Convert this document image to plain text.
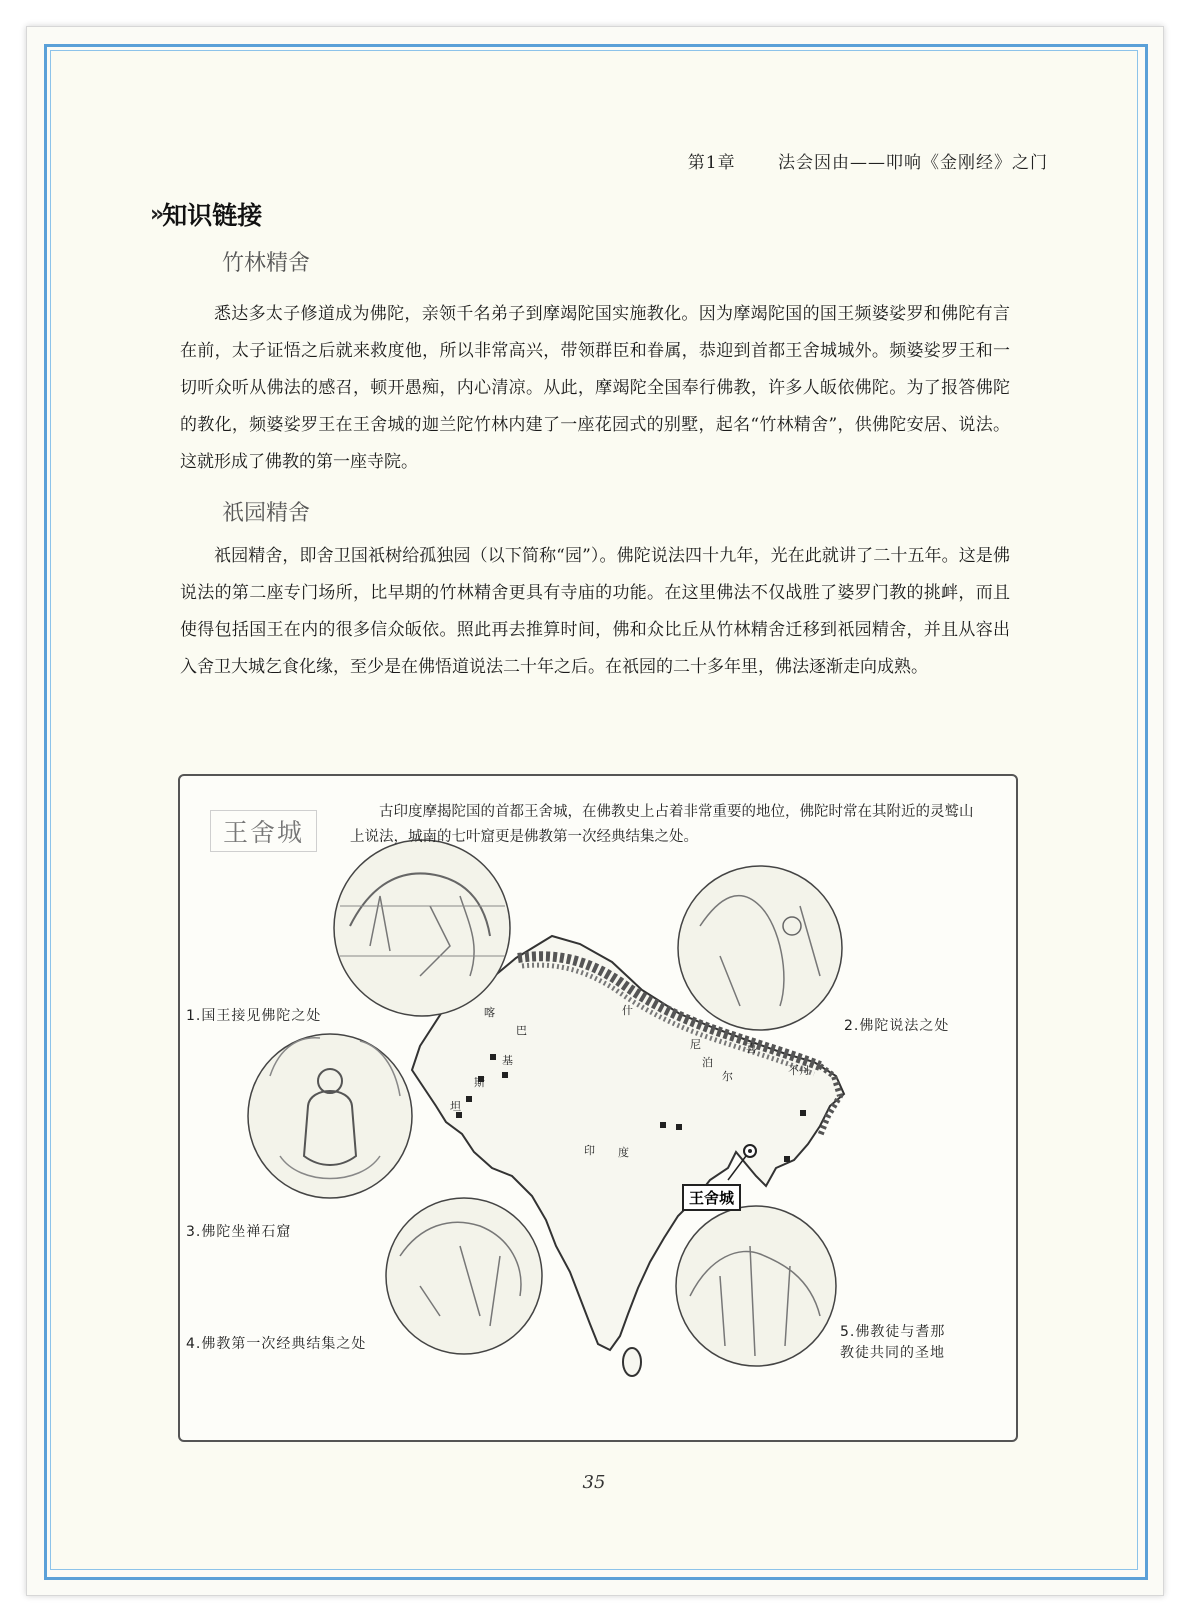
第1章 法会因由——叩响《金刚经》之门
» 知识链接
竹林精舍

悉达多太子修道成为佛陀，亲领千名弟子到摩竭陀国实施教化。因为摩竭陀国的国王频婆娑罗和佛陀有言在前，太子证悟之后就来救度他，所以非常高兴，带领群臣和眷属，恭迎到首都王舍城城外。频婆娑罗王和一切听众听从佛法的感召，顿开愚痴，内心清凉。从此，摩竭陀全国奉行佛教，许多人皈依佛陀。为了报答佛陀的教化，频婆娑罗王在王舍城的迦兰陀竹林内建了一座花园式的别墅，起名“竹林精舍”，供佛陀安居、说法。这就形成了佛教的第一座寺院。

祇园精舍

祇园精舍，即舍卫国祇树给孤独园（以下简称“园”）。佛陀说法四十九年，光在此就讲了二十五年。这是佛说法的第二座专门场所，比早期的竹林精舍更具有寺庙的功能。在这里佛法不仅战胜了婆罗门教的挑衅，而且使得包括国王在内的很多信众皈依。照此再去推算时间，佛和众比丘从竹林精舍迁移到祇园精舍，并且从容出入舍卫大城乞食化缘，至少是在佛悟道说法二十年之后。在祇园的二十多年里，佛法逐渐走向成熟。

巴
基
斯
坦
喀	什
尼
泊
尔
喜
不丹
印 度
王舍城

古印度摩揭陀国的首都王舍城，在佛教史上占着非常重要的地位，佛陀时常在其附近的灵鹫山上说法，城南的七叶窟更是佛教第一次经典结集之处。

1.国王接见佛陀之处
2.佛陀说法之处
3.佛陀坐禅石窟
4.佛教第一次经典结集之处
5.佛教徒与耆那
教徒共同的圣地
王舍城
35
